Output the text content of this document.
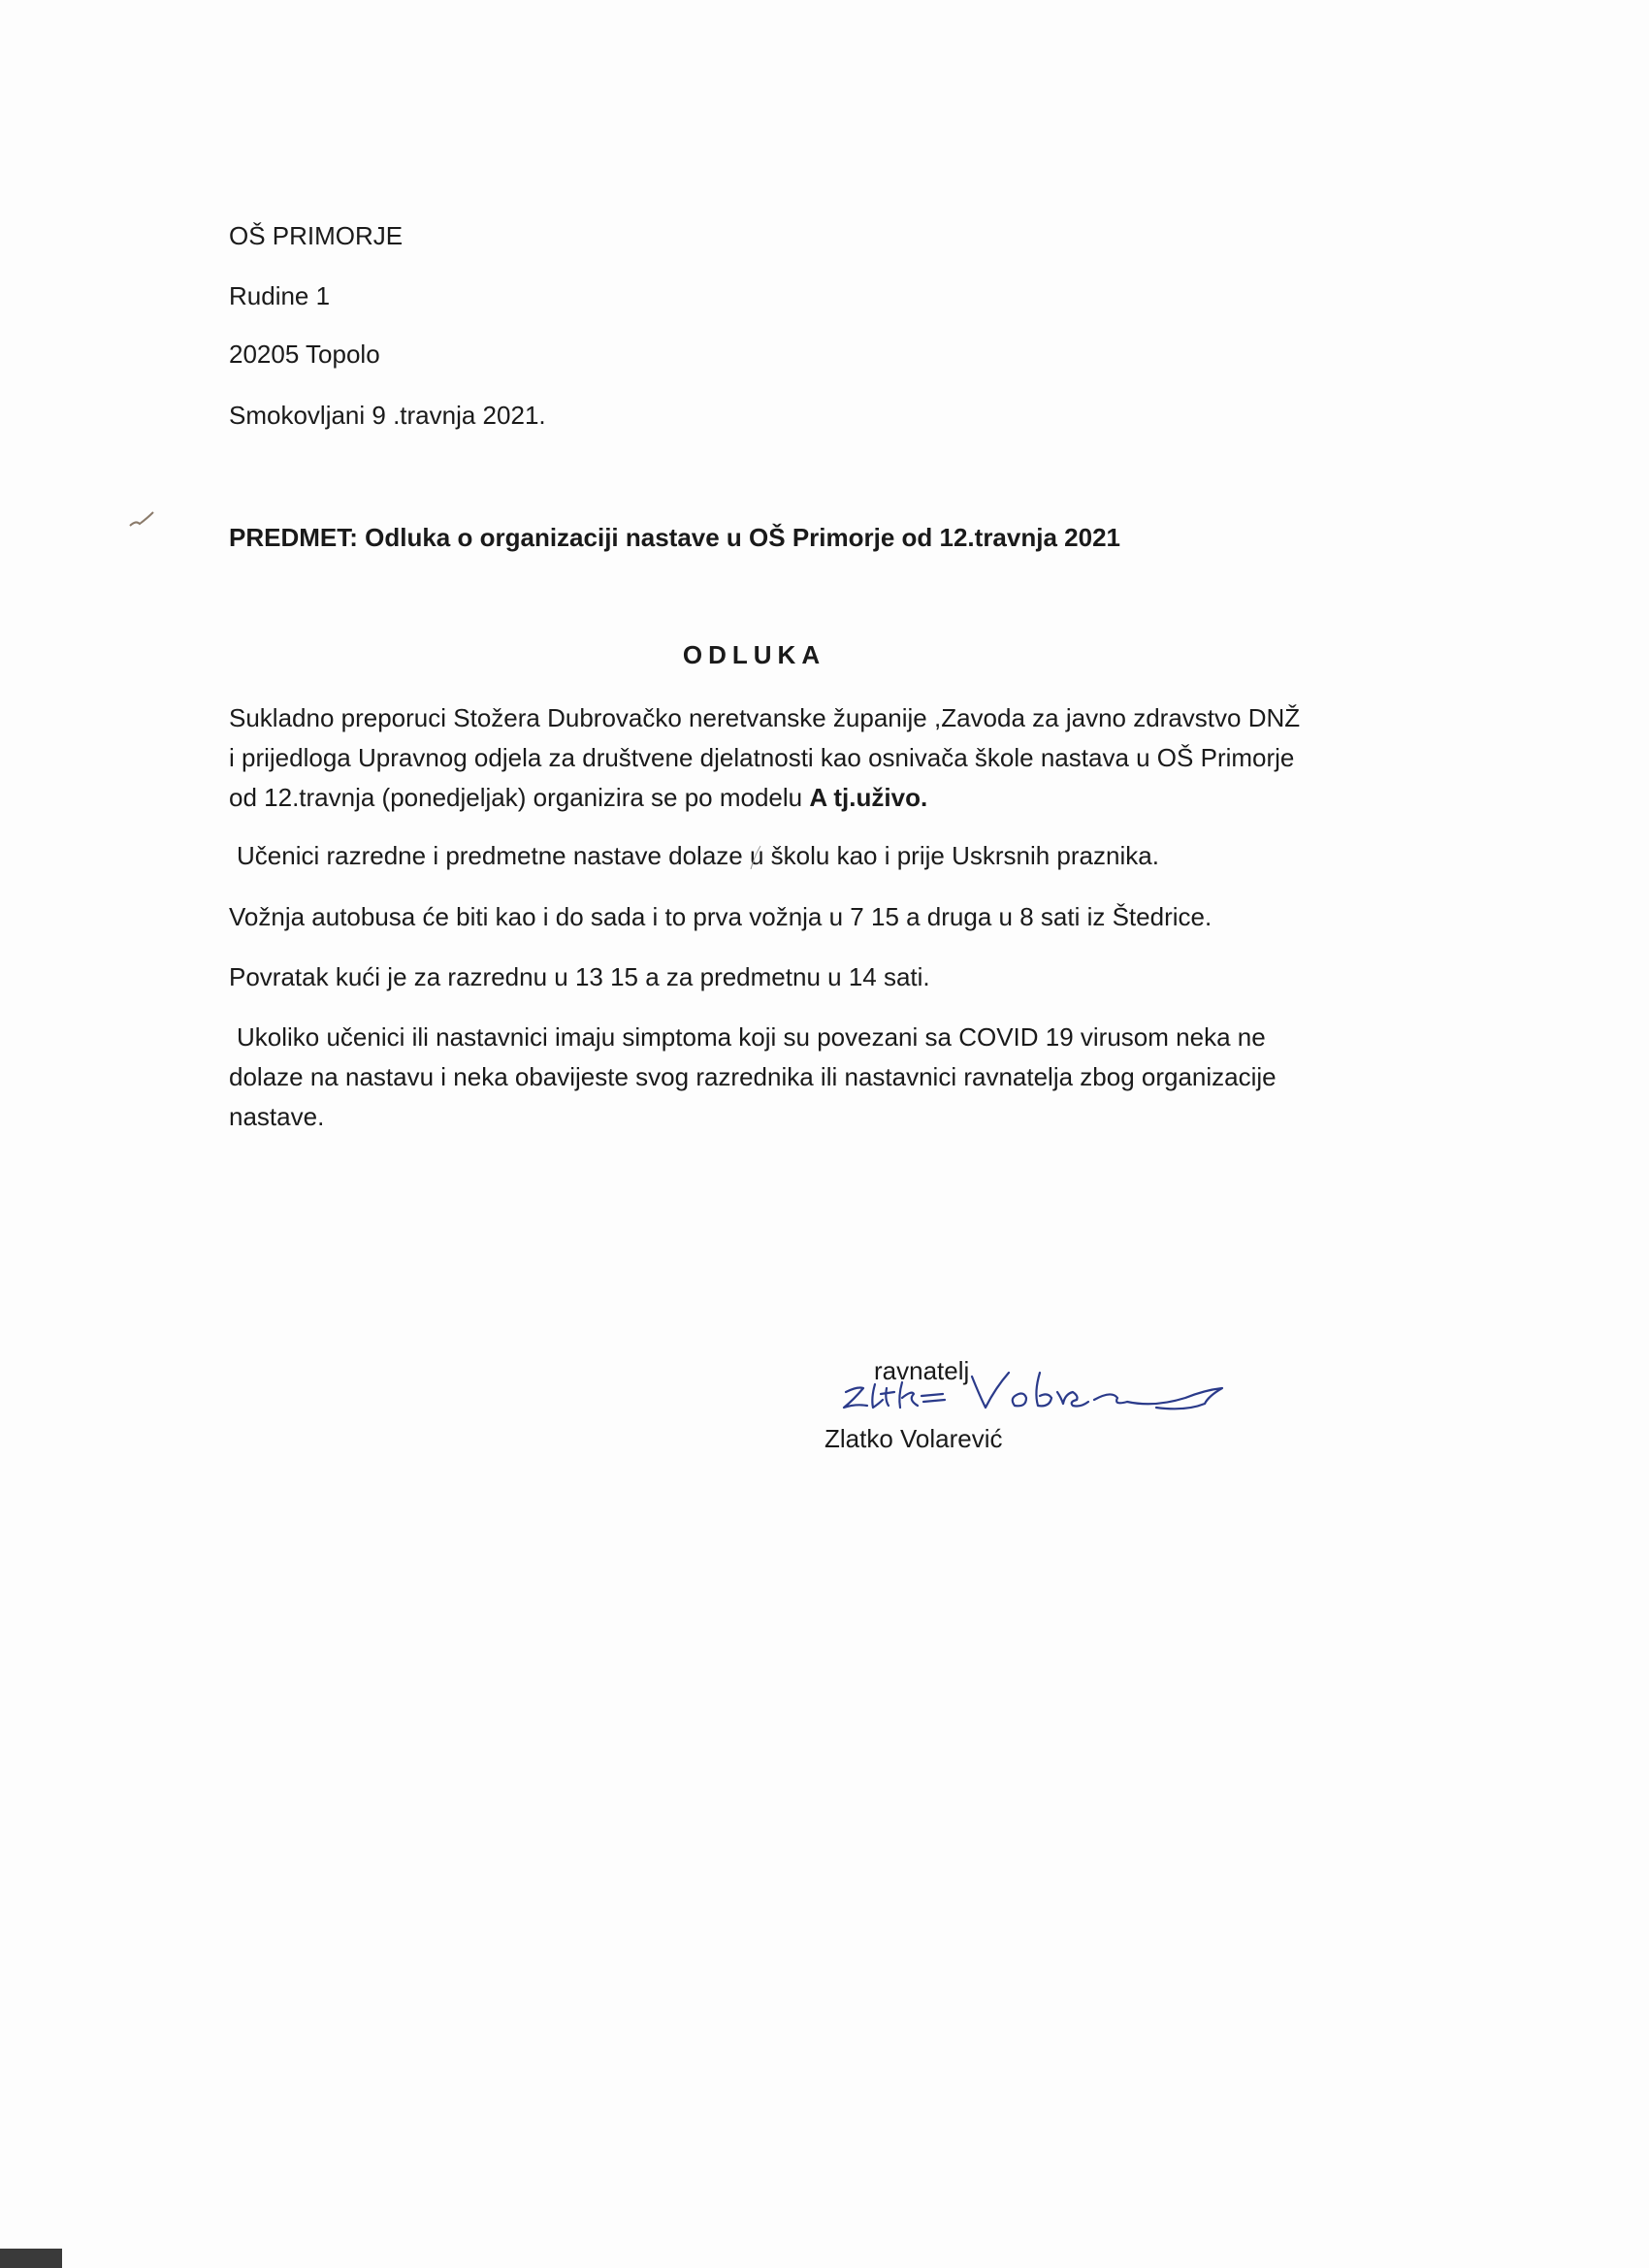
OŠ PRIMORJE
Rudine 1
20205 Topolo
Smokovljani 9 .travnja 2021.
PREDMET: Odluka o organizaciji nastave u OŠ Primorje od 12.travnja 2021
ODLUKA

Sukladno preporuci Stožera Dubrovačko neretvanske županije ,Zavoda za javno zdravstvo DNŽ i prijedloga Upravnog odjela za društvene djelatnosti kao osnivača škole nastava u OŠ Primorje od 12.travnja (ponedjeljak) organizira se po modelu A tj.uživo.

Učenici razredne i predmetne nastave dolaze u školu kao i prije Uskrsnih praznika.

Vožnja autobusa će biti kao i do sada i to prva vožnja u 7 15 a druga u 8 sati iz Štedrice.

Povratak kući je za razrednu u 13 15 a za predmetnu u 14 sati.

Ukoliko učenici ili nastavnici imaju simptoma koji su povezani sa COVID 19 virusom neka ne dolaze na nastavu i neka obavijeste svog razrednika ili nastavnici ravnatelja zbog organizacije nastave.

ravnatelj
Zlatko Volarević
